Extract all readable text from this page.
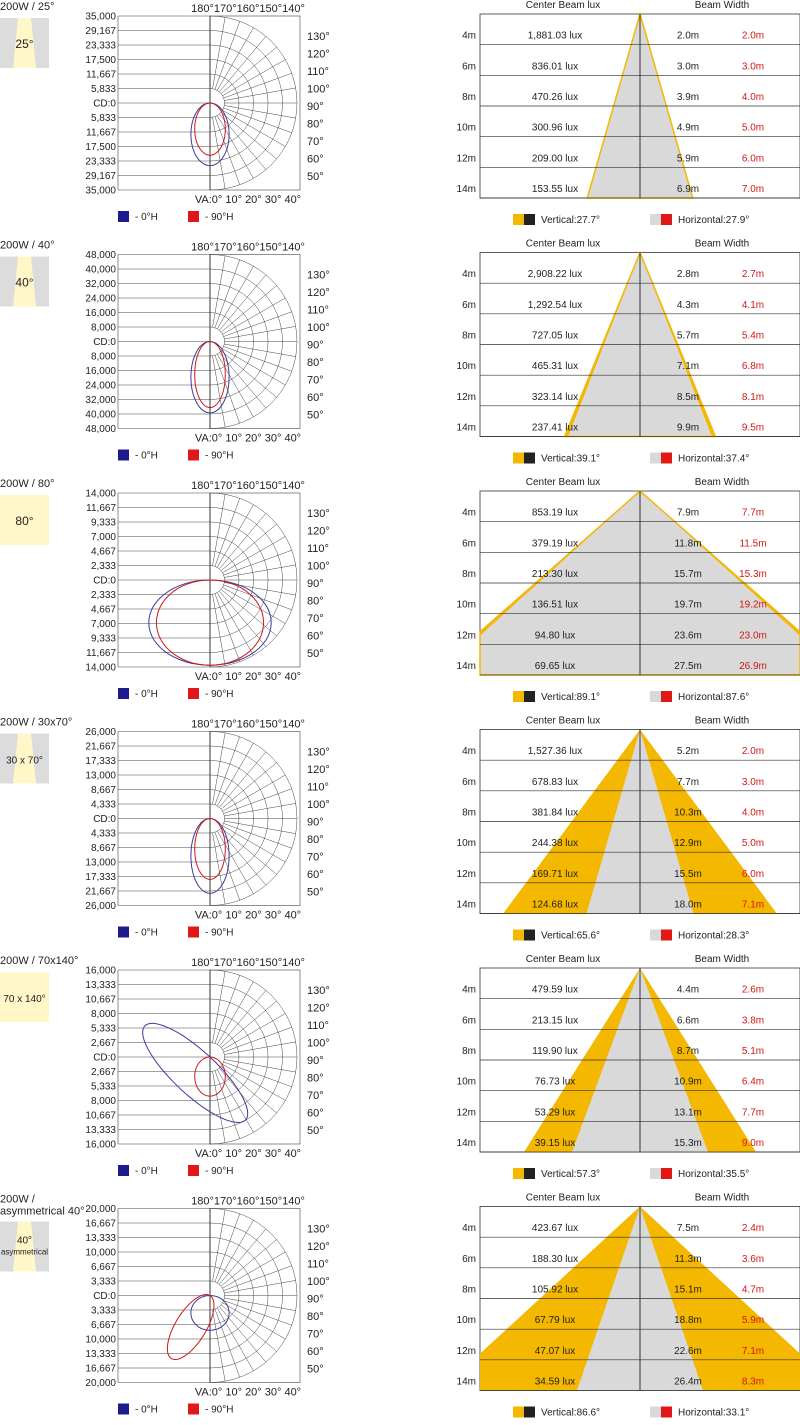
200W / 25°
25°
180°170°160°150°140°
35,000
29,167
23,333
17,500
11,667
5,833
CD:0
5,833
11,667
17,500
23,333
29,167
35,000
130°
120°
110°
100°
90°
80°
70°
60°
50°
VA:0° 10° 20° 30° 40°
- 0°H	- 90°H
Center Beam lux	Beam Width
4m	1,881.03 lux	2.0m	2.0m
6m	836.01 lux	3.0m	3.0m
8m	470.26 lux	3.9m	4.0m
10m	300.96 lux	4.9m	5.0m
12m	209.00 lux	5.9m	6.0m
14m	153.55 lux	6.9m	7.0m
Vertical:27.7°	Horizontal:27.9°
200W / 40°
40°
180°170°160°150°140°
48,000
40,000
32,000
24,000
16,000
8,000
CD:0
8,000
16,000
24,000
32,000
40,000
48,000
130°
120°
110°
100°
90°
80°
70°
60°
50°
VA:0° 10° 20° 30° 40°
- 0°H	- 90°H
Center Beam lux	Beam Width
4m	2,908.22 lux	2.8m	2.7m
6m	1,292.54 lux	4.3m	4.1m
8m	727.05 lux	5.7m	5.4m
10m	465.31 lux	7.1m	6.8m
12m	323.14 lux	8.5m	8.1m
14m	237.41 lux	9.9m	9.5m
Vertical:39.1°	Horizontal:37.4°
200W / 80°
80°
180°170°160°150°140°
14,000
11,667
9,333
7,000
4,667
2,333
CD:0
2,333
4,667
7,000
9,333
11,667
14,000
130°
120°
110°
100°
90°
80°
70°
60°
50°
VA:0° 10° 20° 30° 40°
- 0°H	- 90°H
Center Beam lux	Beam Width
4m	853.19 lux	7.9m	7.7m
6m	379.19 lux	11.8m	11.5m
8m	213.30 lux	15.7m	15.3m
10m	136.51 lux	19.7m	19.2m
12m	94.80 lux	23.6m	23.0m
14m	69.65 lux	27.5m	26.9m
Vertical:89.1°	Horizontal:87.6°
200W / 30x70°
30 x 70°
180°170°160°150°140°
26,000
21,667
17,333
13,000
8,667
4,333
CD:0
4,333
8,667
13,000
17,333
21,667
26,000
130°
120°
110°
100°
90°
80°
70°
60°
50°
VA:0° 10° 20° 30° 40°
- 0°H	- 90°H
Center Beam lux	Beam Width
4m	1,527.36 lux	5.2m	2.0m
6m	678.83 lux	7.7m	3.0m
8m	381.84 lux	10.3m	4.0m
10m	244.38 lux	12.9m	5.0m
12m	169.71 lux	15.5m	6.0m
14m	124.68 lux	18.0m	7.1m
Vertical:65.6°	Horizontal:28.3°
200W / 70x140°
70 x 140°
180°170°160°150°140°
16,000
13,333
10,667
8,000
5,333
2,667
CD:0
2,667
5,333
8,000
10,667
13,333
16,000
130°
120°
110°
100°
90°
80°
70°
60°
50°
VA:0° 10° 20° 30° 40°
- 0°H	- 90°H
Center Beam lux	Beam Width
4m	479.59 lux	4.4m	2.6m
6m	213.15 lux	6.6m	3.8m
8m	119.90 lux	8.7m	5.1m
10m	76.73 lux	10.9m	6.4m
12m	53.29 lux	13.1m	7.7m
14m	39.15 lux	15.3m	9.0m
Vertical:57.3°	Horizontal:35.5°
200W /
asymmetrical 40°
40°
asymmetrical
180°170°160°150°140°
20,000
16,667
13,333
10,000
6,667
3,333
CD:0
3,333
6,667
10,000
13,333
16,667
20,000
130°
120°
110°
100°
90°
80°
70°
60°
50°
VA:0° 10° 20° 30° 40°
- 0°H	- 90°H
Center Beam lux	Beam Width
4m	423.67 lux	7.5m	2.4m
6m	188.30 lux	11.3m	3.6m
8m	105.92 lux	15.1m	4.7m
10m	67.79 lux	18.8m	5.9m
12m	47.07 lux	22.6m	7.1m
14m	34.59 lux	26.4m	8.3m
Vertical:86.6°	Horizontal:33.1°
